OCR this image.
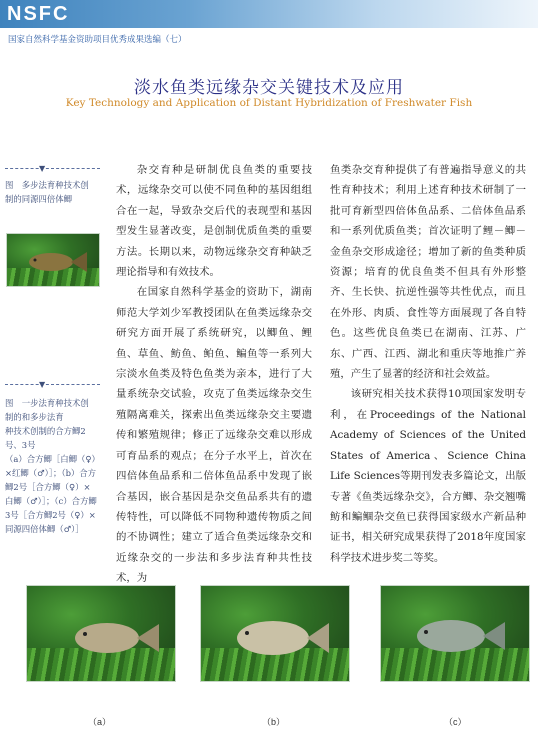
NSFC
国家自然科学基金资助项目优秀成果选编（七）
淡水鱼类远缘杂交关键技术及应用
Key Technology and Application of Distant Hybridization of Freshwater Fish
▼
图　多步法育种技术创制的同源四倍体鲫
▼
图　一步法育种技术创
制的和多步法育
种技术创制的合方鲫2
号、3号
（a）合方鲫［白鲫（♀）
×红鲫（♂）］；（b）合方
鲫2号［合方鲫（♀）×
白鲫（♂）］；（c）合方鲫
3号［合方鲫2号（♀）×
同源四倍体鲫（♂）］

杂交育种是研制优良鱼类的重要技术，远缘杂交可以使不同鱼种的基因组组合在一起，导致杂交后代的表现型和基因型发生显著改变，是创制优质鱼类的重要方法。长期以来，动物远缘杂交育种缺乏理论指导和有效技术。

在国家自然科学基金的资助下，湖南师范大学刘少军教授团队在鱼类远缘杂交研究方面开展了系统研究，以鲫鱼、鲤鱼、草鱼、鲂鱼、鲌鱼、鳊鱼等一系列大宗淡水鱼类及特色鱼类为亲本，进行了大量系统杂交试验，攻克了鱼类远缘杂交生殖隔离难关，探索出鱼类远缘杂交主要遗传和繁殖规律；修正了远缘杂交难以形成可育品系的观点；在分子水平上，首次在四倍体鱼品系和二倍体鱼品系中发现了嵌合基因，嵌合基因是杂交鱼品系共有的遗传特性，可以降低不同物种遗传物质之间的不协调性；建立了适合鱼类远缘杂交和近缘杂交的一步法和多步法育种共性技术，为

鱼类杂交育种提供了有普遍指导意义的共性育种技术；利用上述育种技术研制了一批可育新型四倍体鱼品系、二倍体鱼品系和一系列优质鱼类；首次证明了鲤－鲫－金鱼杂交形成途径；增加了新的鱼类种质资源；培育的优良鱼类不但具有外形整齐、生长快、抗逆性强等共性优点，而且在外形、肉质、食性等方面展现了各自特色。这些优良鱼类已在湖南、江苏、广东、广西、江西、湖北和重庆等地推广养殖，产生了显著的经济和社会效益。

该研究相关技术获得10项国家发明专利，在Proceedings of the National Academy of Sciences of the United States of America、Science China Life Sciences等期刊发表多篇论文，出版专著《鱼类远缘杂交》，合方鲫、杂交翘嘴鲂和鳊鲴杂交鱼已获得国家级水产新品种证书，相关研究成果获得了2018年度国家科学技术进步奖二等奖。

（a）	（b）	（c）
